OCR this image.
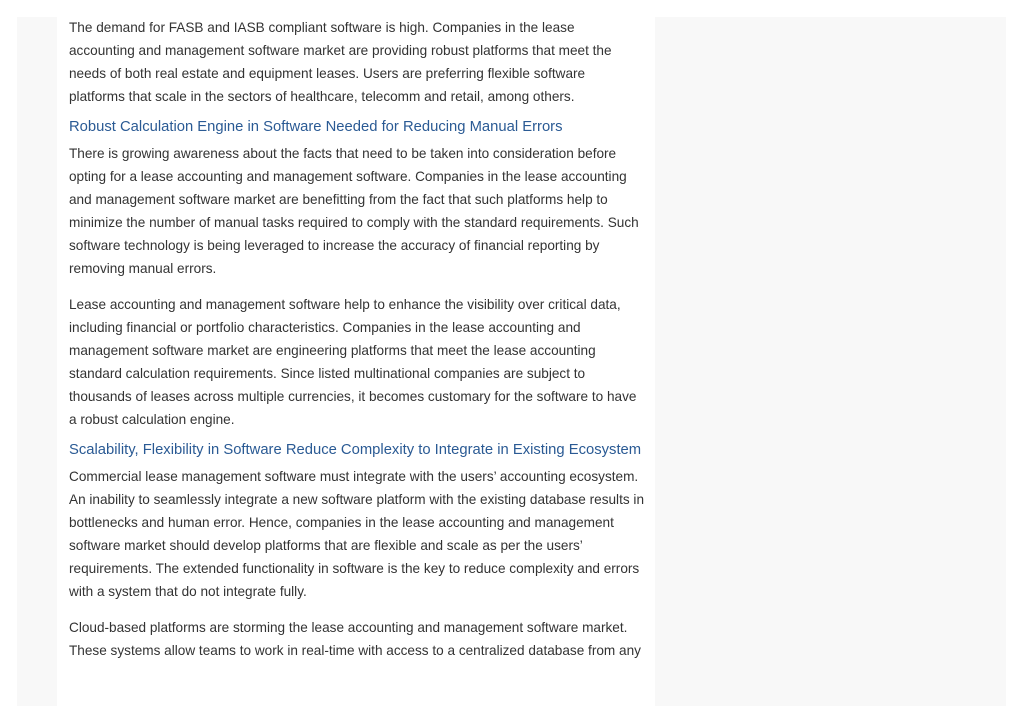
The demand for FASB and IASB compliant software is high. Companies in the lease accounting and management software market are providing robust platforms that meet the needs of both real estate and equipment leases. Users are preferring flexible software platforms that scale in the sectors of healthcare, telecomm and retail, among others.

Robust Calculation Engine in Software Needed for Reducing Manual Errors

There is growing awareness about the facts that need to be taken into consideration before opting for a lease accounting and management software. Companies in the lease accounting and management software market are benefitting from the fact that such platforms help to minimize the number of manual tasks required to comply with the standard requirements. Such software technology is being leveraged to increase the accuracy of financial reporting by removing manual errors.

Lease accounting and management software help to enhance the visibility over critical data, including financial or portfolio characteristics. Companies in the lease accounting and management software market are engineering platforms that meet the lease accounting standard calculation requirements. Since listed multinational companies are subject to thousands of leases across multiple currencies, it becomes customary for the software to have a robust calculation engine.

Scalability, Flexibility in Software Reduce Complexity to Integrate in Existing Ecosystem

Commercial lease management software must integrate with the users’ accounting ecosystem. An inability to seamlessly integrate a new software platform with the existing database results in bottlenecks and human error. Hence, companies in the lease accounting and management software market should develop platforms that are flexible and scale as per the users’ requirements. The extended functionality in software is the key to reduce complexity and errors with a system that do not integrate fully.

Cloud-based platforms are storming the lease accounting and management software market. These systems allow teams to work in real-time with access to a centralized database from any
